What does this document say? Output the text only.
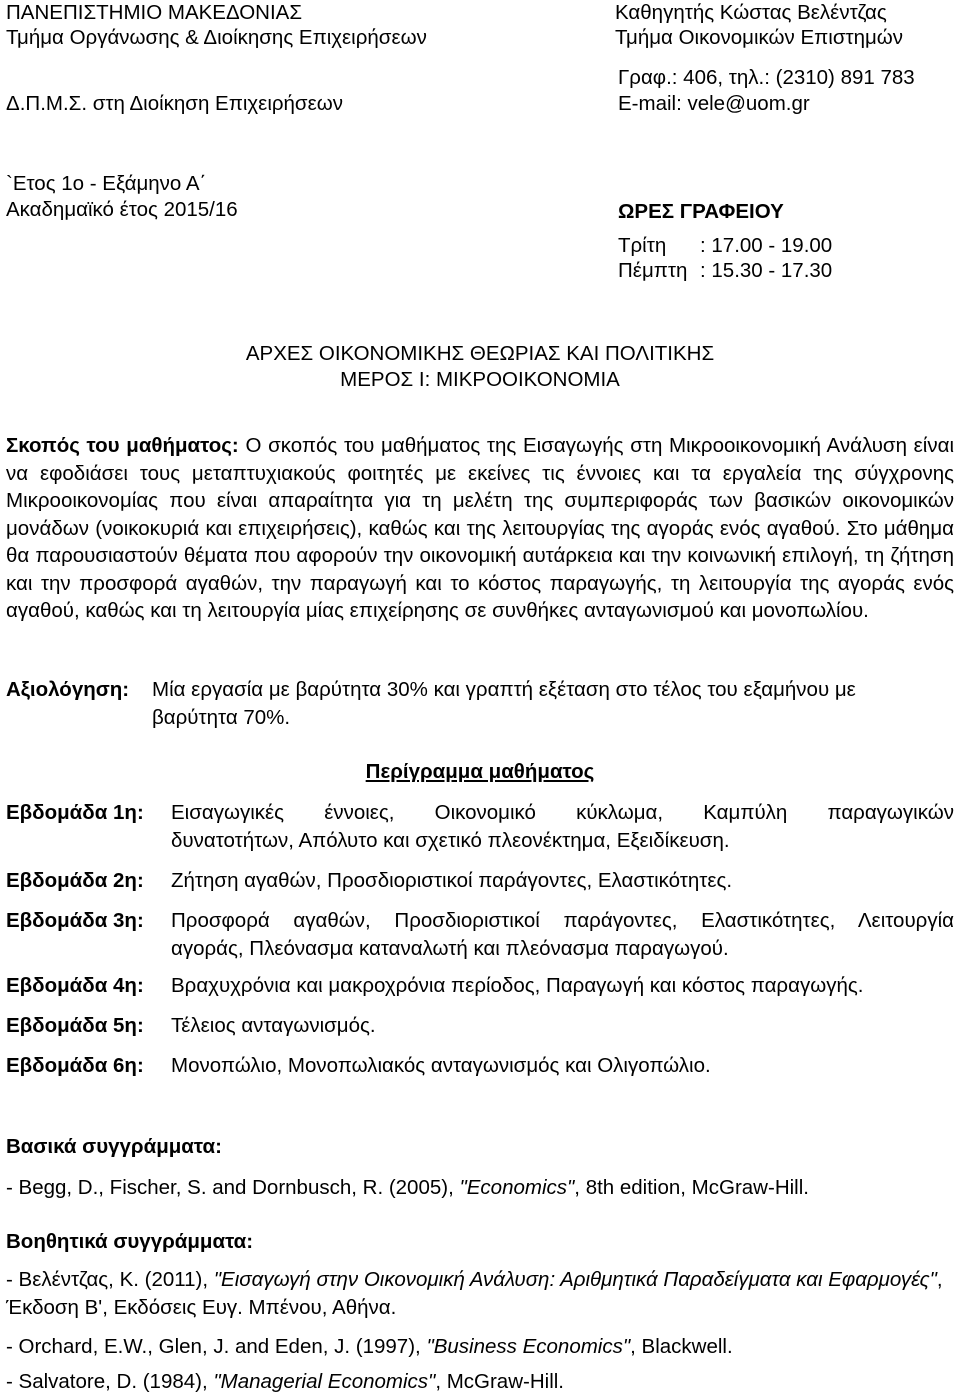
ΠΑΝΕΠΙΣΤΗΜΙΟ ΜΑΚΕΔΟΝΙΑΣ
Τμήμα Οργάνωσης & Διοίκησης Επιχειρήσεων
Δ.Π.Μ.Σ. στη Διοίκηση Επιχειρήσεων
Καθηγητής Κώστας Βελέντζας
Τμήμα Οικονομικών Επιστημών
Γραφ.: 406, τηλ.: (2310) 891 783
E-mail: vele@uom.gr
`Ετος 1ο - Εξάμηνο Α΄
Ακαδημαϊκό έτος 2015/16	ΩΡΕΣ ΓΡΑΦΕΙΟΥ
Τρίτη : 17.00 - 19.00
Πέμπτη : 15.30 - 17.30
ΑΡΧΕΣ ΟΙΚΟΝΟΜΙΚΗΣ ΘΕΩΡΙΑΣ ΚΑΙ ΠΟΛΙΤΙΚΗΣ
ΜΕΡΟΣ Ι: ΜΙΚΡΟΟΙΚΟΝΟΜΙΑ
Σκοπός του μαθήματος: Ο σκοπός του μαθήματος της Εισαγωγής στη Μικροοικονομική Ανάλυση είναι να εφοδιάσει τους μεταπτυχιακούς φοιτητές με εκείνες τις έννοιες και τα εργαλεία της σύγχρονης Μικροοικονομίας που είναι απαραίτητα για τη μελέτη της συμπεριφοράς των βασικών οικονομικών μονάδων (νοικοκυριά και επιχειρήσεις), καθώς και της λειτουργίας της αγοράς ενός αγαθού. Στο μάθημα θα παρουσιαστούν θέματα που αφορούν την οικονομική αυτάρκεια και την κοινωνική επιλογή, τη ζήτηση και την προσφορά αγαθών, την παραγωγή και το κόστος παραγωγής, τη λειτουργία της αγοράς ενός αγαθού, καθώς και τη λειτουργία μίας επιχείρησης σε συνθήκες ανταγωνισμού και μονοπωλίου.
Αξιολόγηση: Μία εργασία με βαρύτητα 30% και γραπτή εξέταση στο τέλος του εξαμήνου με
βαρύτητα 70%.
Περίγραμμα μαθήματος
Εβδομάδα 1η: Εισαγωγικές έννοιες, Οικονομικό κύκλωμα, Καμπύλη παραγωγικών
δυνατοτήτων, Απόλυτο και σχετικό πλεονέκτημα, Εξειδίκευση.
Εβδομάδα 2η: Ζήτηση αγαθών, Προσδιοριστικοί παράγοντες, Ελαστικότητες.
Εβδομάδα 3η: Προσφορά αγαθών, Προσδιοριστικοί παράγοντες, Ελαστικότητες, Λειτουργία
αγοράς, Πλεόνασμα καταναλωτή και πλεόνασμα παραγωγού.
Εβδομάδα 4η: Βραχυχρόνια και μακροχρόνια περίοδος, Παραγωγή και κόστος παραγωγής.
Εβδομάδα 5η: Τέλειος ανταγωνισμός.
Εβδομάδα 6η: Μονοπώλιο, Μονοπωλιακός ανταγωνισμός και Ολιγοπώλιο.
Βασικά συγγράμματα:
- Begg, D., Fischer, S. and Dornbusch, R. (2005), "Economics", 8th edition, McGraw-Hill.
Βοηθητικά συγγράμματα:
- Βελέντζας, Κ. (2011), "Εισαγωγή στην Οικονομική Ανάλυση: Αριθμητικά Παραδείγματα και Εφαρμογές", Έκδοση Β', Εκδόσεις Ευγ. Μπένου, Αθήνα.
- Orchard, E.W., Glen, J. and Eden, J. (1997), "Business Economics", Blackwell.
- Salvatore, D. (1984), "Managerial Economics", McGraw-Hill.
